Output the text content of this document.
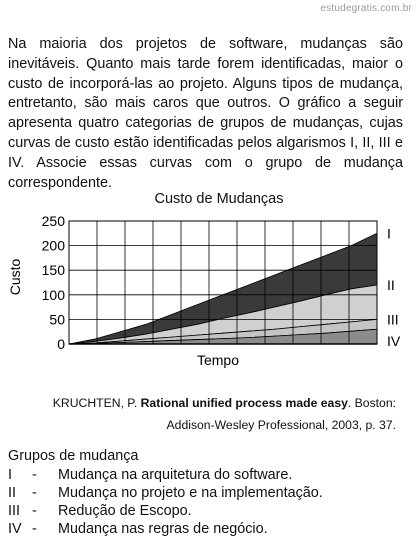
estudegratis.com.br

Na maioria dos projetos de software, mudanças são inevitáveis. Quanto mais tarde forem identificadas, maior o custo de incorporá-las ao projeto. Alguns tipos de mudança, entretanto, são mais caros que outros. O gráfico a seguir apresenta quatro categorias de grupos de mudanças, cujas curvas de custo estão identificadas pelos algarismos I, II, III e IV. Associe essas curvas com o grupo de mudança correspondente.

Custo de Mudanças
0
50
100
150
200
250
I
II
III
IV
Custo
Tempo
KRUCHTEN, P. Rational unified process made easy. Boston: Addison-Wesley Professional, 2003, p. 37.

Grupos de mudança

I	-	Mudança na arquitetura do software.
II	-	Mudança no projeto e na implementação.
III -	Redução de Escopo.
IV -	Mudança nas regras de negócio.
